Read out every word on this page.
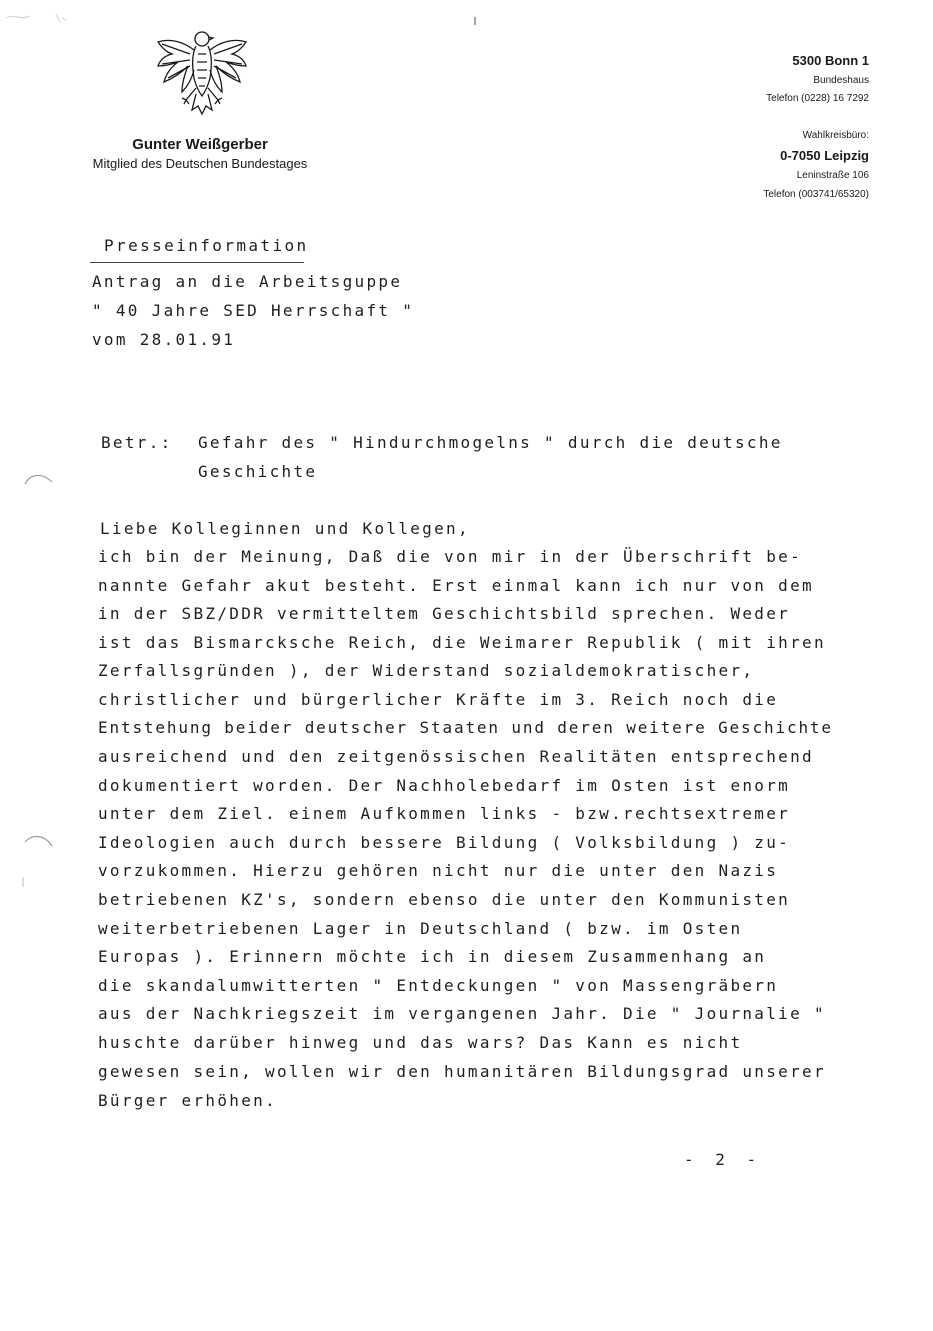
Gunter Weißgerber
Mitglied des Deutschen Bundestages
5300 Bonn 1
Bundeshaus
Telefon (0228) 16 7292
Wahlkreisbüro:
0-7050 Leipzig
Leninstraße 106
Telefon (003741/65320)
Presseinformation
Antrag an die Arbeitsguppe
" 40 Jahre SED Herrschaft "
vom 28.01.91
Betr.: Gefahr des " Hindurchmogelns " durch die deutsche
Geschichte
Liebe Kolleginnen und Kollegen,
ich bin der Meinung, Daß die von mir in der Überschrift be-
nannte Gefahr akut besteht. Erst einmal kann ich nur von dem
in der SBZ/DDR vermitteltem Geschichtsbild sprechen. Weder
ist das Bismarcksche Reich, die Weimarer Republik ( mit ihren
Zerfallsgründen ), der Widerstand sozialdemokratischer,
christlicher und bürgerlicher Kräfte im 3. Reich noch die
Entstehung beider deutscher Staaten und deren weitere Geschichte
ausreichend und den zeitgenössischen Realitäten entsprechend
dokumentiert worden. Der Nachholebedarf im Osten ist enorm
unter dem Ziel. einem Aufkommen links - bzw.rechtsextremer
Ideologien auch durch bessere Bildung ( Volksbildung ) zu-
vorzukommen. Hierzu gehören nicht nur die unter den Nazis
betriebenen KZ's, sondern ebenso die unter den Kommunisten
weiterbetriebenen Lager in Deutschland ( bzw. im Osten
Europas ). Erinnern möchte ich in diesem Zusammenhang an
die skandalumwitterten " Entdeckungen " von Massengräbern
aus der Nachkriegszeit im vergangenen Jahr. Die " Journalie "
huschte darüber hinweg und das wars? Das Kann es nicht
gewesen sein, wollen wir den humanitären Bildungsgrad unserer
Bürger erhöhen.
- 2 -
